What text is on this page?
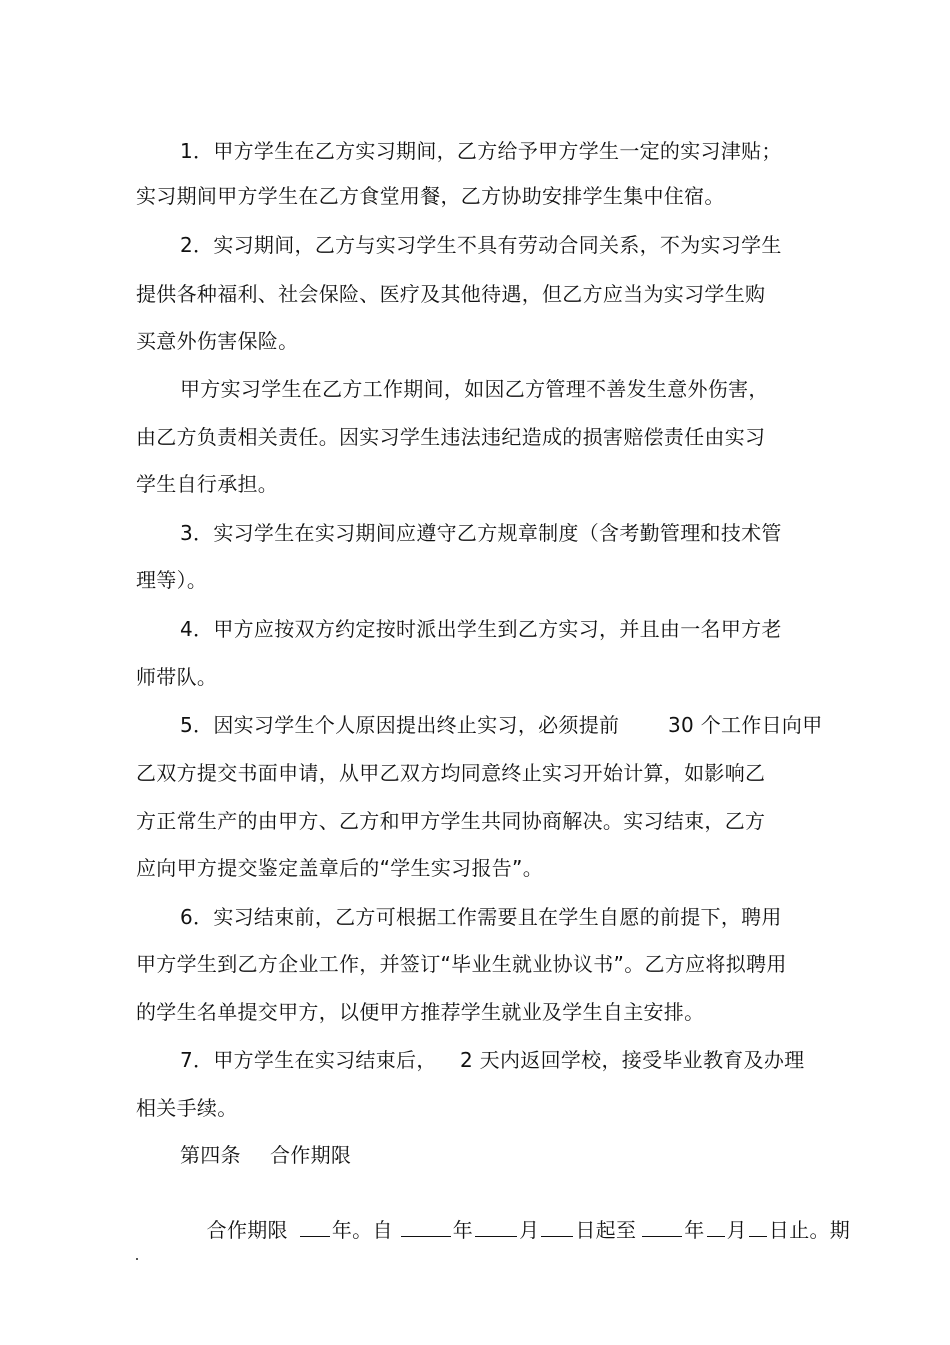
1．甲方学生在乙方实习期间，乙方给予甲方学生一定的实习津贴；
实习期间甲方学生在乙方食堂用餐，乙方协助安排学生集中住宿。
2．实习期间，乙方与实习学生不具有劳动合同关系，不为实习学生
提供各种福利、社会保险、医疗及其他待遇，但乙方应当为实习学生购
买意外伤害保险。
甲方实习学生在乙方工作期间，如因乙方管理不善发生意外伤害，
由乙方负责相关责任。因实习学生违法违纪造成的损害赔偿责任由实习
学生自行承担。
3．实习学生在实习期间应遵守乙方规章制度（含考勤管理和技术管
理等）。
4．甲方应按双方约定按时派出学生到乙方实习，并且由一名甲方老
师带队。
5．因实习学生个人原因提出终止实习，必须提前 30 个工作日向甲
乙双方提交书面申请，从甲乙双方均同意终止实习开始计算，如影响乙
方正常生产的由甲方、乙方和甲方学生共同协商解决。实习结束，乙方
应向甲方提交鉴定盖章后的“学生实习报告”。
6．实习结束前，乙方可根据工作需要且在学生自愿的前提下，聘用
甲方学生到乙方企业工作，并签订“毕业生就业协议书”。乙方应将拟聘用
的学生名单提交甲方，以便甲方推荐学生就业及学生自主安排。
7．甲方学生在实习结束后， 2 天内返回学校，接受毕业教育及办理
相关手续。
第四条 合作期限

合作期限 年。自	年 月 日起至 年 月 日止。期
